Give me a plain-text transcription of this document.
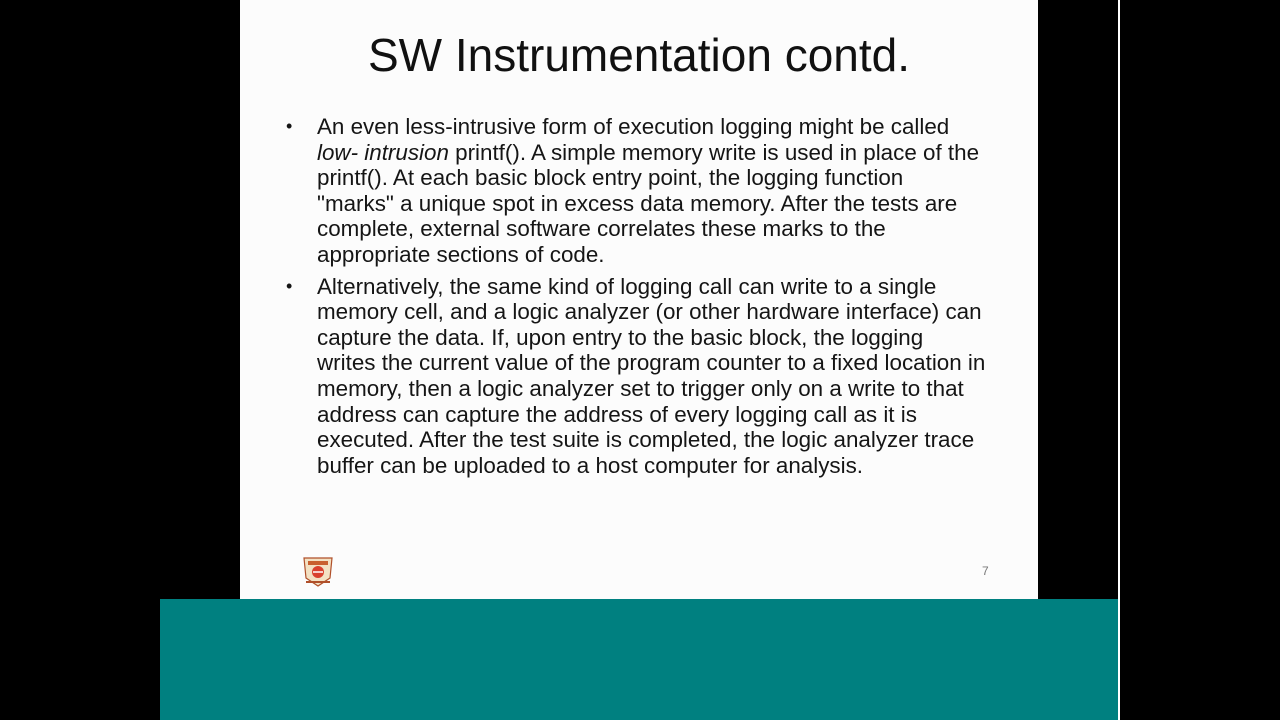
SW Instrumentation contd.
• An even less-intrusive form of execution logging might be called low- intrusion printf(). A simple memory write is used in place of the printf(). At each basic block entry point, the logging function "marks" a unique spot in excess data memory. After the tests are complete, external software correlates these marks to the appropriate sections of code.
• Alternatively, the same kind of logging call can write to a single memory cell, and a logic analyzer (or other hardware interface) can capture the data. If, upon entry to the basic block, the logging writes the current value of the program counter to a fixed location in memory, then a logic analyzer set to trigger only on a write to that address can capture the address of every logging call as it is executed. After the test suite is completed, the logic analyzer trace buffer can be uploaded to a host computer for analysis.
7
